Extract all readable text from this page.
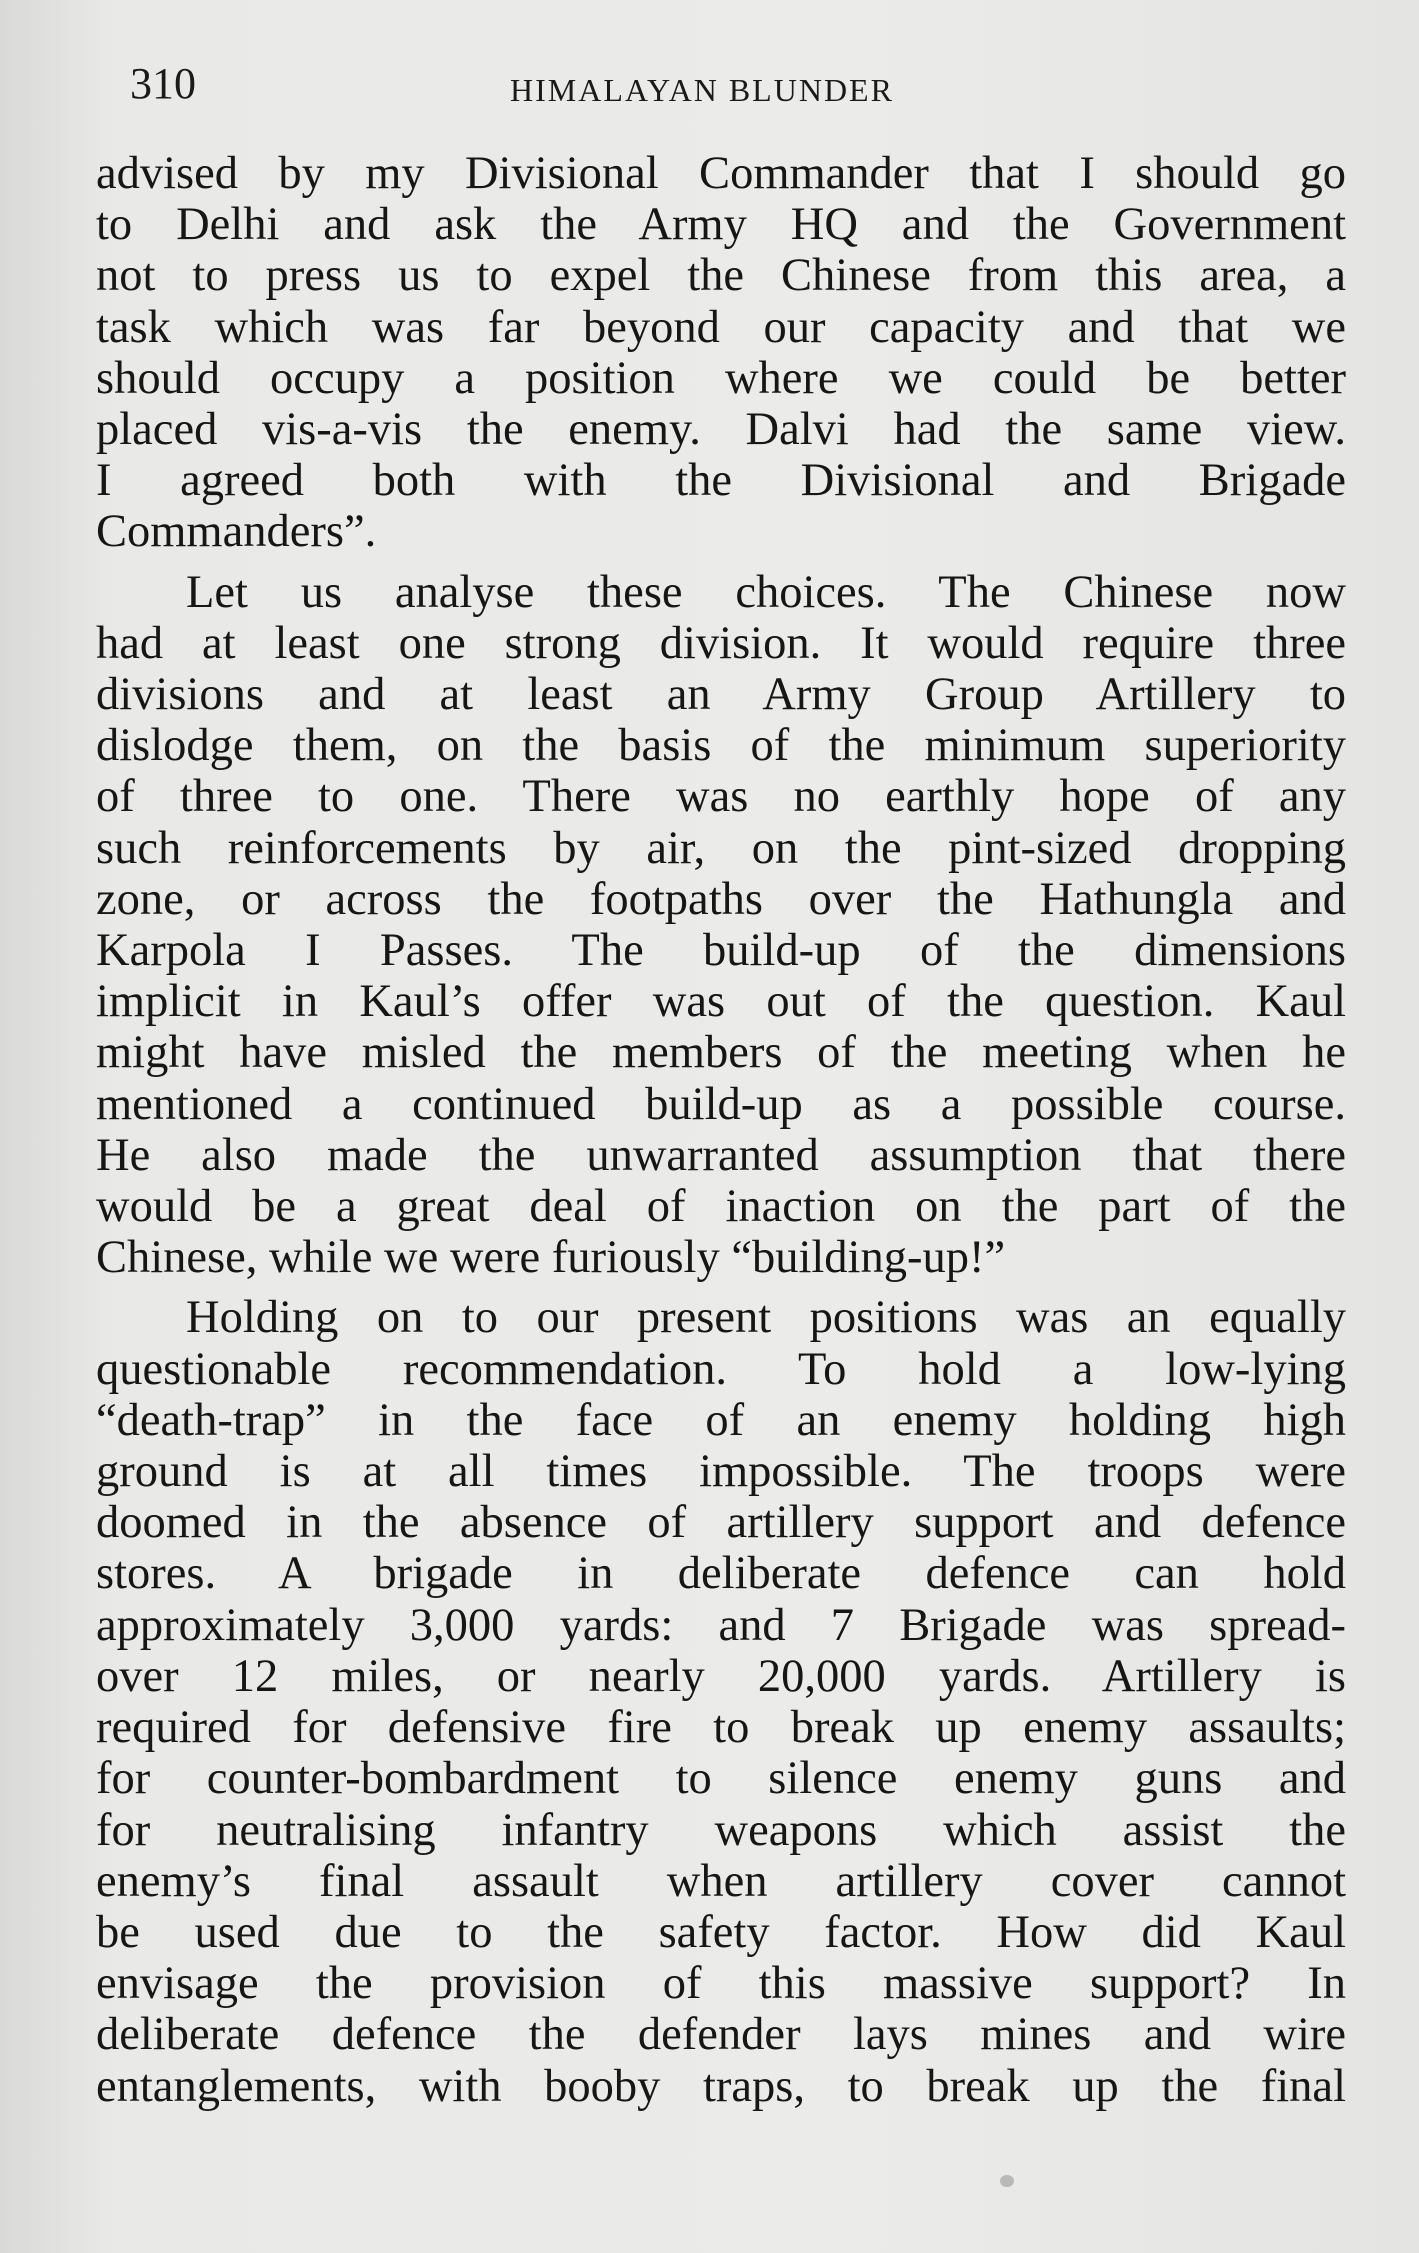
310	HIMALAYAN BLUNDER
advised by my Divisional Commander that I should go
to Delhi and ask the Army HQ and the Government
not to press us to expel the Chinese from this area, a
task which was far beyond our capacity and that we
should occupy a position where we could be better
placed vis-a-vis the enemy. Dalvi had the same view.
I agreed both with the Divisional and Brigade
Commanders”.
Let us analyse these choices. The Chinese now
had at least one strong division. It would require three
divisions and at least an Army Group Artillery to
dislodge them, on the basis of the minimum superiority
of three to one. There was no earthly hope of any
such reinforcements by air, on the pint-sized dropping
zone, or across the footpaths over the Hathungla and
Karpola I Passes. The build-up of the dimensions
implicit in Kaul’s offer was out of the question. Kaul
might have misled the members of the meeting when he
mentioned a continued build-up as a possible course.
He also made the unwarranted assumption that there
would be a great deal of inaction on the part of the
Chinese, while we were furiously “building-up!”
Holding on to our present positions was an equally
questionable recommendation. To hold a low-lying
“death-trap” in the face of an enemy holding high
ground is at all times impossible. The troops were
doomed in the absence of artillery support and defence
stores. A brigade in deliberate defence can hold
approximately 3,000 yards: and 7 Brigade was spread-
over 12 miles, or nearly 20,000 yards. Artillery is
required for defensive fire to break up enemy assaults;
for counter-bombardment to silence enemy guns and
for neutralising infantry weapons which assist the
enemy’s final assault when artillery cover cannot
be used due to the safety factor. How did Kaul
envisage the provision of this massive support? In
deliberate defence the defender lays mines and wire
entanglements, with booby traps, to break up the final
